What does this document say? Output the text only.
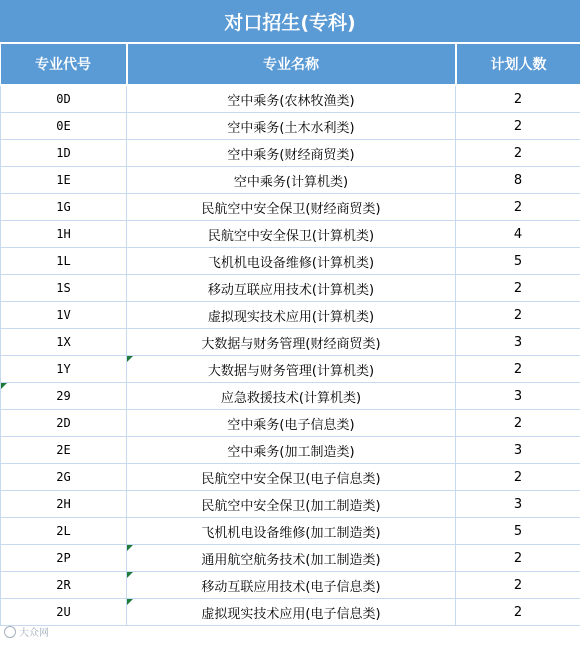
对口招生(专科)
专业代号	专业名称	计划人数
0D	空中乘务(农林牧渔类)	2
0E	空中乘务(土木水利类)	2
1D	空中乘务(财经商贸类)	2
1E	空中乘务(计算机类)	8
1G	民航空中安全保卫(财经商贸类)	2
1H	民航空中安全保卫(计算机类)	4
1L	飞机机电设备维修(计算机类)	5
1S	移动互联应用技术(计算机类)	2
1V	虚拟现实技术应用(计算机类)	2
1X	大数据与财务管理(财经商贸类)	3
1Y	大数据与财务管理(计算机类)	2
29	应急救援技术(计算机类)	3
2D	空中乘务(电子信息类)	2
2E	空中乘务(加工制造类)	3
2G	民航空中安全保卫(电子信息类)	2
2H	民航空中安全保卫(加工制造类)	3
2L	飞机机电设备维修(加工制造类)	5
2P	通用航空航务技术(加工制造类)	2
2R	移动互联应用技术(电子信息类)	2
2U	虚拟现实技术应用(电子信息类)	2
大众网
